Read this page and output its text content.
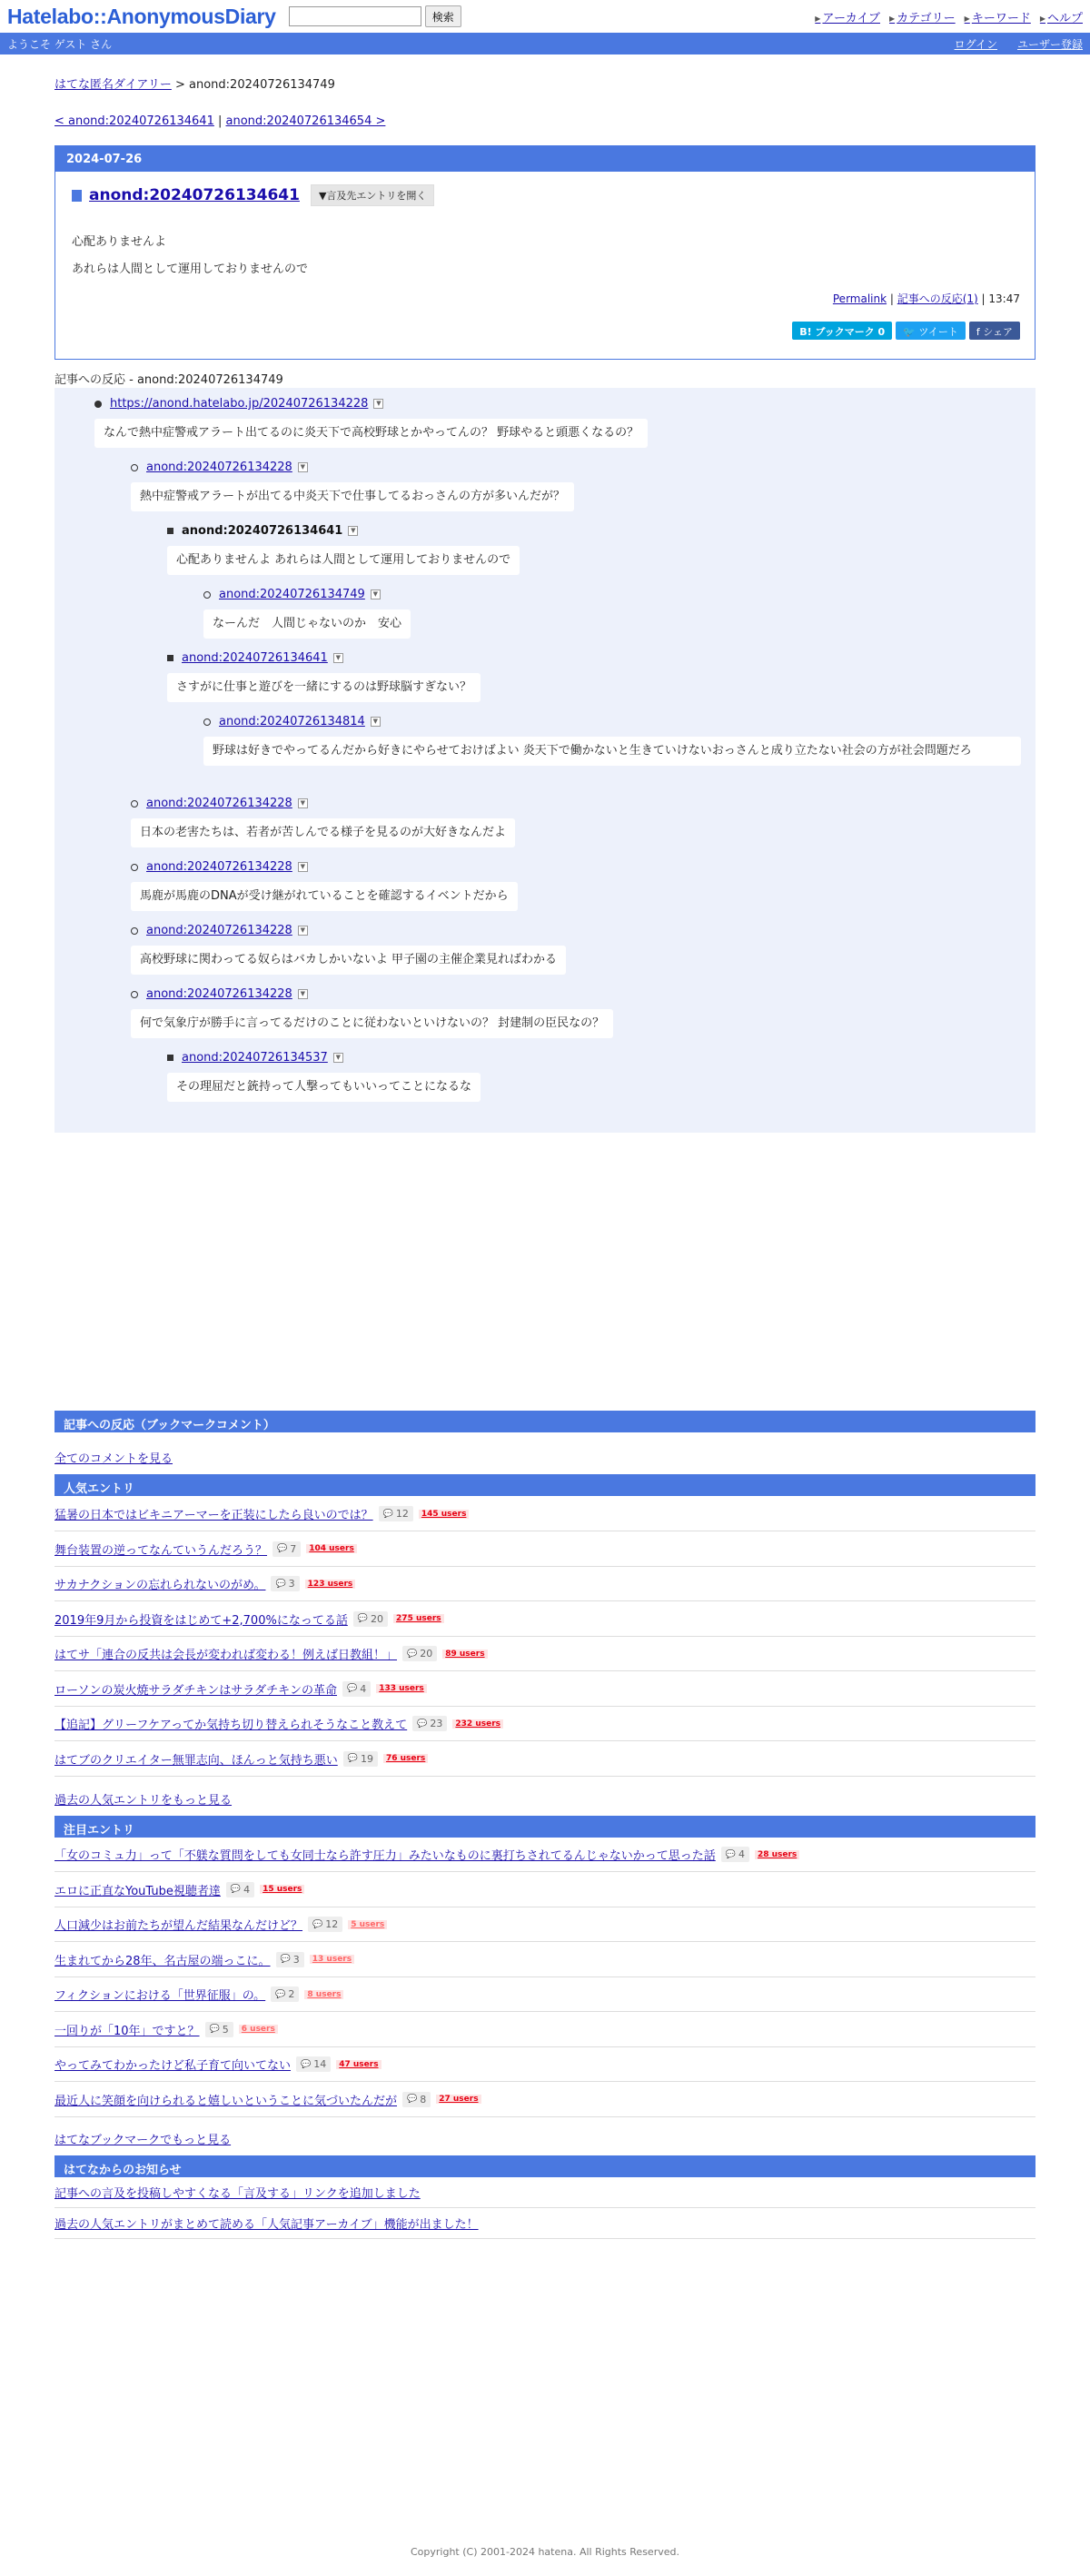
Hatelabo::AnonymousDiary	検索	▶ アーカイブ	▶ カテゴリー	▶ キーワード	▶ ヘルプ
ようこそ ゲスト さん	ログイン ユーザー登録
はてな匿名ダイアリー > anond:20240726134749
< anond:20240726134641 | anond:20240726134654 >
2024-07-26
anond:20240726134641	▼言及先エントリを開く
心配ありませんよ
あれらは人間として運用しておりませんので
Permalink | 記事への反応(1) | 13:47
B! ブックマーク 0	🐦 ツイート	f シェア
記事への反応 - anond:20240726134749
https://anond.hatelabo.jp/20240726134228	▼
なんで熱中症警戒アラート出てるのに炎天下で高校野球とかやってんの？ 野球やると頭悪くなるの？
anond:20240726134228	▼
熱中症警戒アラートが出てる中炎天下で仕事してるおっさんの方が多いんだが？
anond:20240726134641	▼
心配ありませんよ あれらは人間として運用しておりませんので
anond:20240726134749	▼
なーんだ　人間じゃないのか　安心
anond:20240726134641	▼
さすがに仕事と遊びを一緒にするのは野球脳すぎない？
anond:20240726134814	▼
野球は好きでやってるんだから好きにやらせておけばよい 炎天下で働かないと生きていけないおっさんと成り立たない社会の方が社会問題だろ
anond:20240726134228	▼
日本の老害たちは、若者が苦しんでる様子を見るのが大好きなんだよ
anond:20240726134228	▼
馬鹿が馬鹿のDNAが受け継がれていることを確認するイベントだから
anond:20240726134228	▼
高校野球に関わってる奴らはバカしかいないよ 甲子園の主催企業見ればわかる
anond:20240726134228	▼
何で気象庁が勝手に言ってるだけのことに従わないといけないの？ 封建制の臣民なの？
anond:20240726134537	▼
その理屈だと銃持って人撃ってもいいってことになるな
記事への反応（ブックマークコメント）
全てのコメントを見る
人気エントリ
猛暑の日本ではビキニアーマーを正装にしたら良いのでは？	💬 12	145 users
舞台装置の逆ってなんていうんだろう？	💬 7	104 users
サカナクションの忘れられないのがめ。	💬 3	123 users
2019年9月から投資をはじめて+2,700%になってる話	💬 20	275 users
はてサ「連合の反共は会長が変われば変わる！例えば日教組！」	💬 20	89 users
ローソンの炭火焼サラダチキンはサラダチキンの革命	💬 4	133 users
【追記】グリーフケアってか気持ち切り替えられそうなこと教えて	💬 23	232 users
はてブのクリエイター無罪志向、ほんっと気持ち悪い	💬 19	76 users
過去の人気エントリをもっと見る
注目エントリ
「女のコミュ力」って「不躾な質問をしても女同士なら許す圧力」みたいなものに裏打ちされてるんじゃないかって思った話	💬 4	28 users
エロに正直なYouTube視聴者達	💬 4	15 users
人口減少はお前たちが望んだ結果なんだけど？	💬 12	5 users
生まれてから28年、名古屋の端っこに。	💬 3	13 users
フィクションにおける「世界征服」の。	💬 2	8 users
一回りが「10年」ですと？	💬 5	6 users
やってみてわかったけど私子育て向いてない	💬 14	47 users
最近人に笑顔を向けられると嬉しいということに気づいたんだが	💬 8	27 users
はてなブックマークでもっと見る
はてなからのお知らせ
記事への言及を投稿しやすくなる「言及する」リンクを追加しました
過去の人気エントリがまとめて読める「人気記事アーカイブ」機能が出ました！
Copyright (C) 2001-2024 hatena. All Rights Reserved.
